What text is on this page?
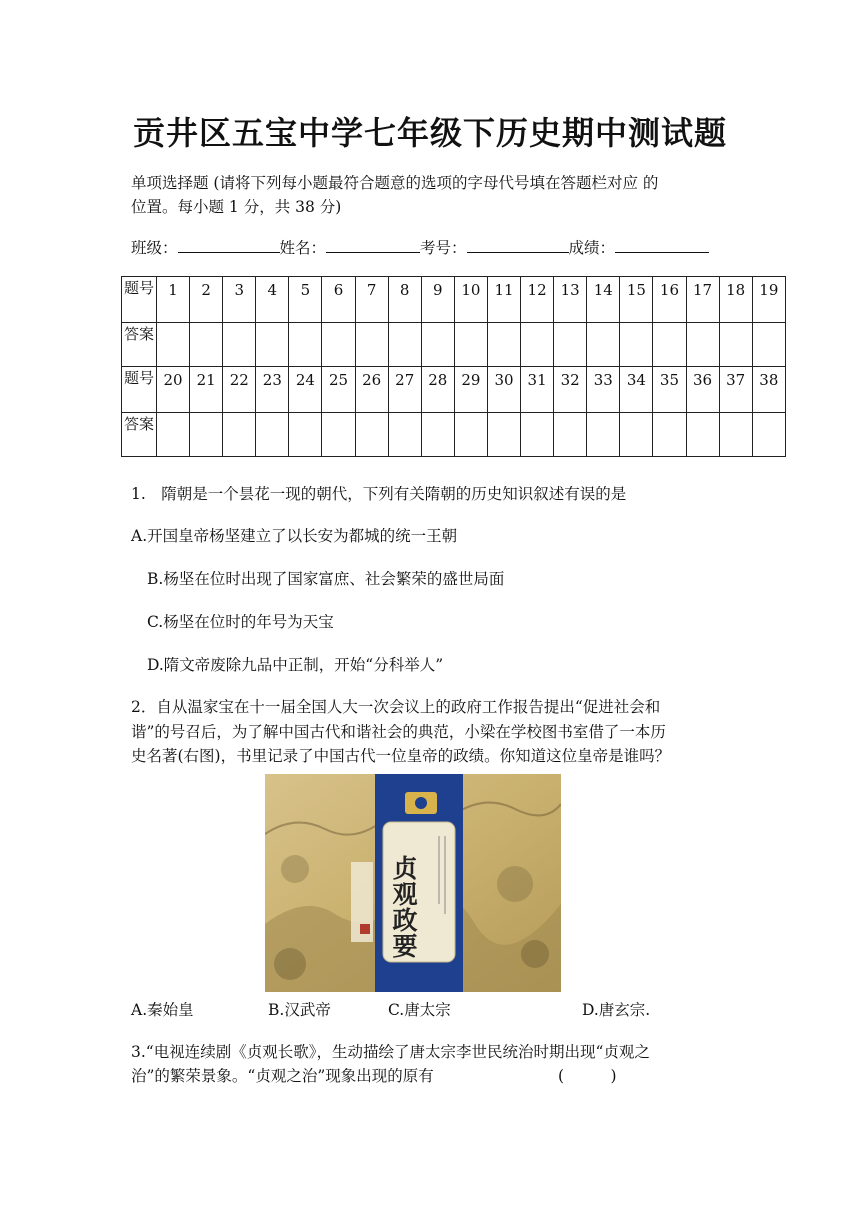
贡井区五宝中学七年级下历史期中测试题
单项选择题 (请将下列每小题最符合题意的选项的字母代号填在答题栏对应 的
位置。每小题 1 分，共 38 分)
班级：	姓名：	考号：	成绩：
题号	1	2	3	4	5	6	7	8	9	10	11	12	13	14	15	16	17	18	19
答案																			
题号	20	21	22	23	24	25	26	27	28	29	30	31	32	33	34	35	36	37	38
答案																			
1.　隋朝是一个昙花一现的朝代，下列有关隋朝的历史知识叙述有误的是
A.开国皇帝杨坚建立了以长安为都城的统一王朝
B.杨坚在位时出现了国家富庶、社会繁荣的盛世局面
C.杨坚在位时的年号为天宝
D.隋文帝废除九品中正制，开始“分科举人”
2．自从温家宝在十一届全国人大一次会议上的政府工作报告提出“促进社会和
谐”的号召后，为了解中国古代和谐社会的典范，小梁在学校图书室借了一本历
史名著(右图)，书里记录了中国古代一位皇帝的政绩。你知道这位皇帝是谁吗？
贞
观
政
要
A.秦始皇	B.汉武帝	C.唐太宗	D.唐玄宗.
3.“电视连续剧《贞观长歌》，生动描绘了唐太宗李世民统治时期出现“贞观之
治”的繁荣景象。“贞观之治”现象出现的原有	(　　　)
